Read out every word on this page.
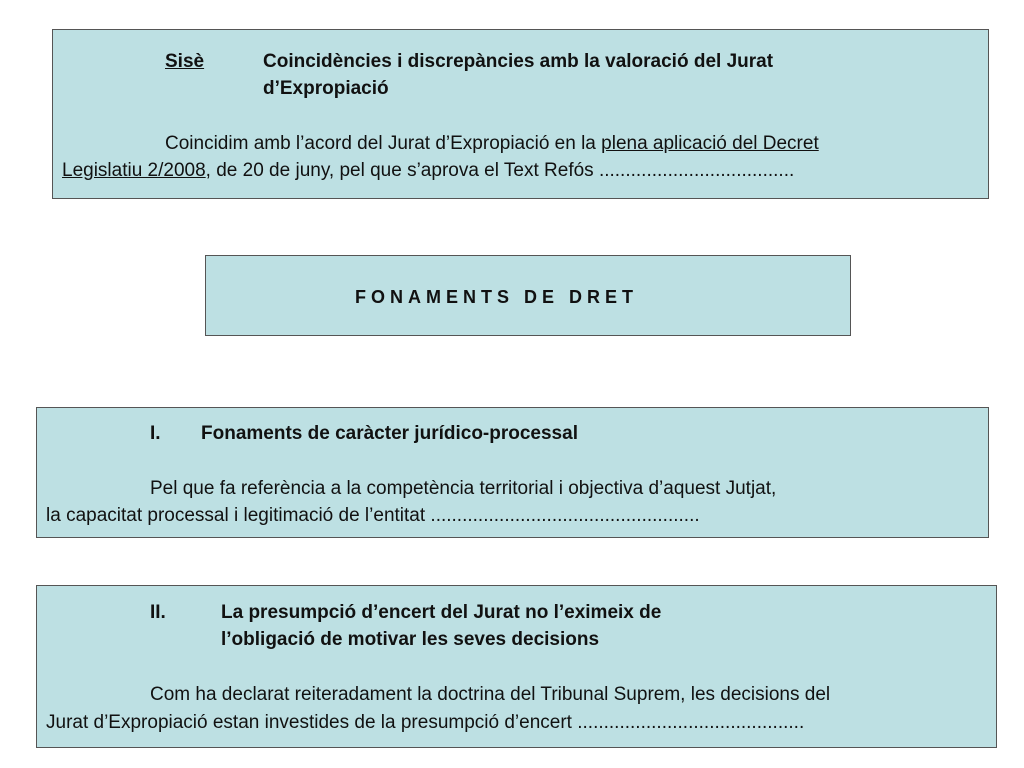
Sisè	Coincidències i discrepàncies amb la valoració del Jurat
d’Expropiació
Coincidim amb l’acord del Jurat d’Expropiació en la plena aplicació del Decret
Legislatiu 2/2008, de 20 de juny, pel que s’aprova el Text Refós .....................................
FONAMENTS DE DRET
I. Fonaments de caràcter jurídico-processal
Pel que fa referència a la competència territorial i objectiva d’aquest Jutjat,
la capacitat processal i legitimació de l’entitat ...................................................
II.	La presumpció d’encert del Jurat no l’eximeix de
l’obligació de motivar les seves decisions
Com ha declarat reiteradament la doctrina del Tribunal Suprem, les decisions del
Jurat d’Expropiació estan investides de la presumpció d’encert ...........................................
